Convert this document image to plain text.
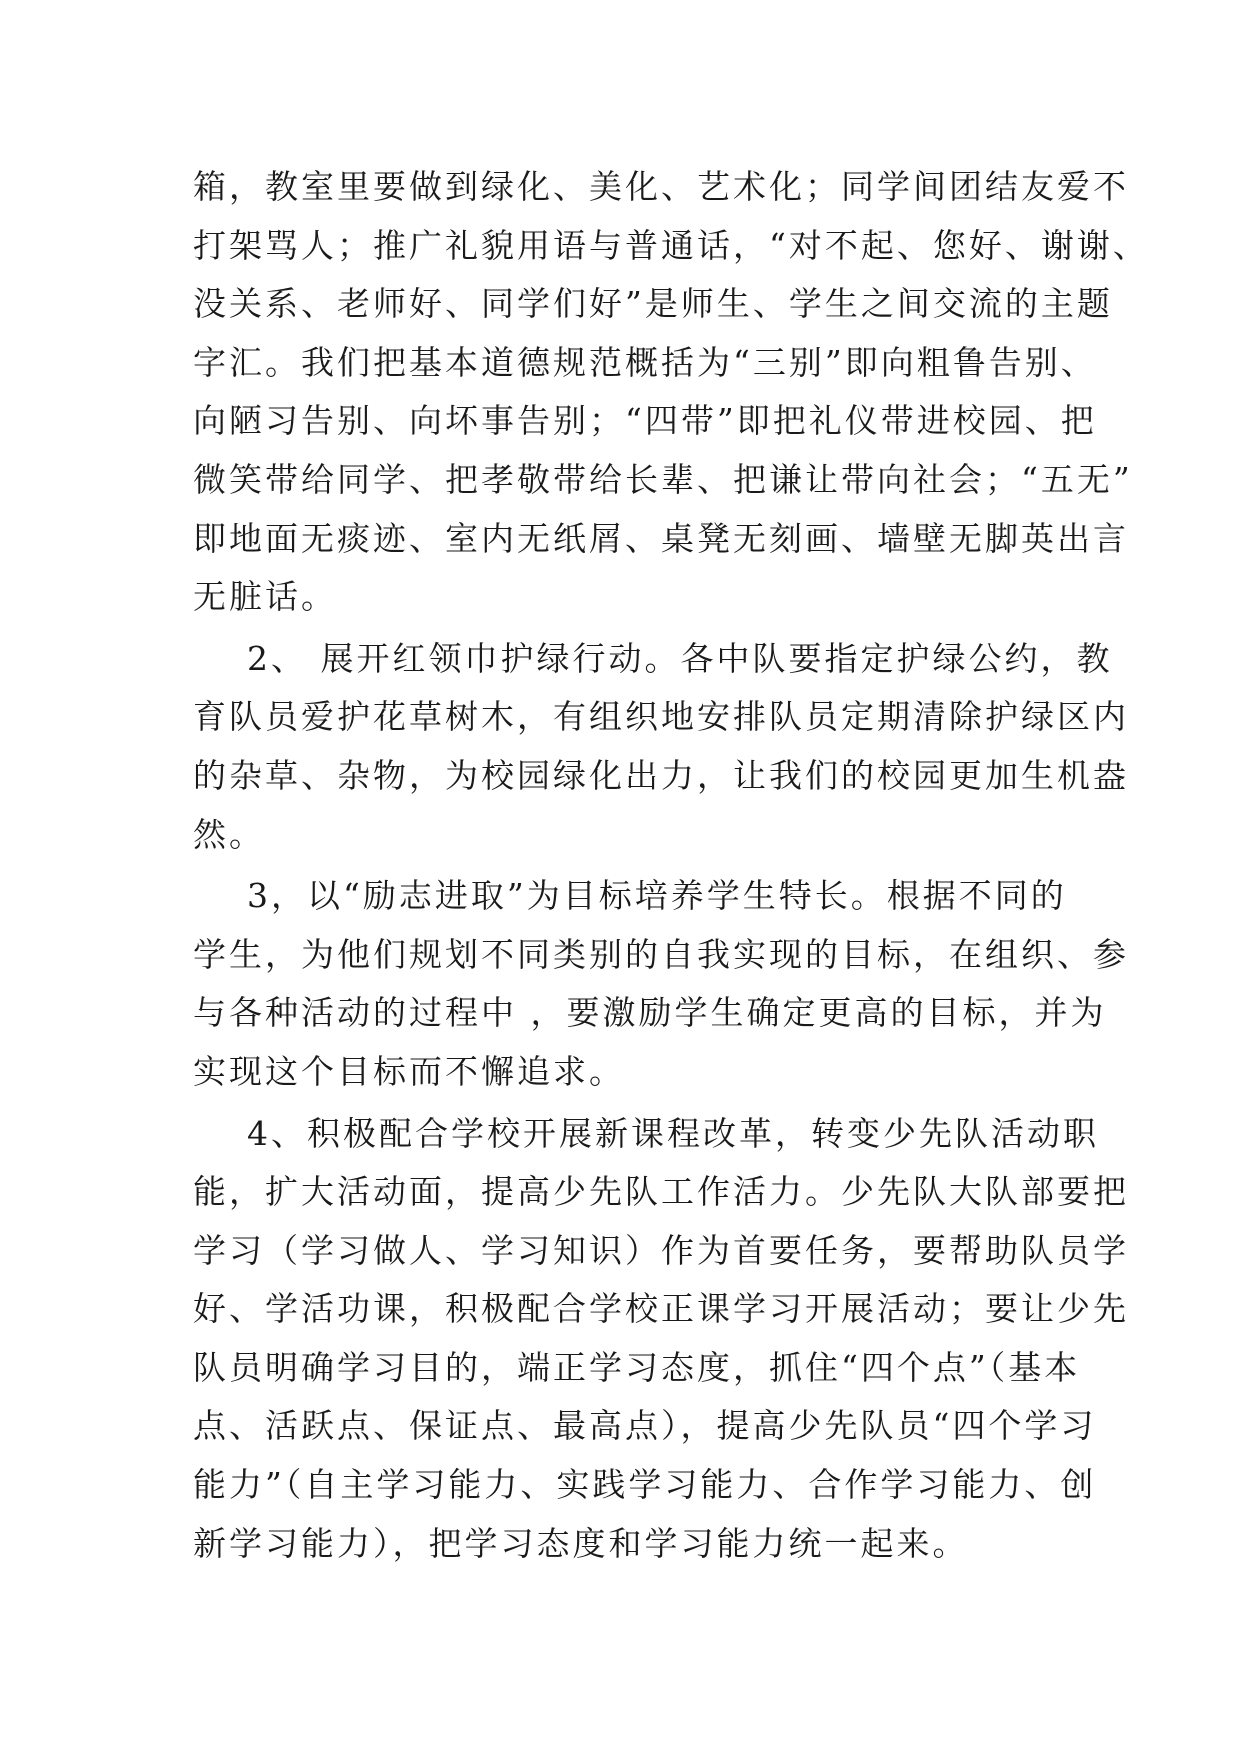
箱，教室里要做到绿化、美化、艺术化；同学间团结友爱不
打架骂人；推广礼貌用语与普通话，“对不起、您好、谢谢、
没关系、老师好、同学们好”是师生、学生之间交流的主题
字汇。我们把基本道德规范概括为“三别”即向粗鲁告别、
向陋习告别、向坏事告别；“四带”即把礼仪带进校园、把
微笑带给同学、把孝敬带给长辈、把谦让带向社会；“五无”
即地面无痰迹、室内无纸屑、桌凳无刻画、墙壁无脚英出言
无脏话。
2、 展开红领巾护绿行动。各中队要指定护绿公约，教
育队员爱护花草树木，有组织地安排队员定期清除护绿区内
的杂草、杂物，为校园绿化出力，让我们的校园更加生机盎
然。
3，以“励志进取”为目标培养学生特长。根据不同的
学生，为他们规划不同类别的自我实现的目标，在组织、参
与各种活动的过程中 ，要激励学生确定更高的目标，并为
实现这个目标而不懈追求。
4、积极配合学校开展新课程改革，转变少先队活动职
能，扩大活动面，提高少先队工作活力。少先队大队部要把
学习（学习做人、学习知识）作为首要任务，要帮助队员学
好、学活功课，积极配合学校正课学习开展活动；要让少先
队员明确学习目的，端正学习态度，抓住“四个点”（基本
点、活跃点、保证点、最高点），提高少先队员“四个学习
能力”（自主学习能力、实践学习能力、合作学习能力、创
新学习能力），把学习态度和学习能力统一起来。
